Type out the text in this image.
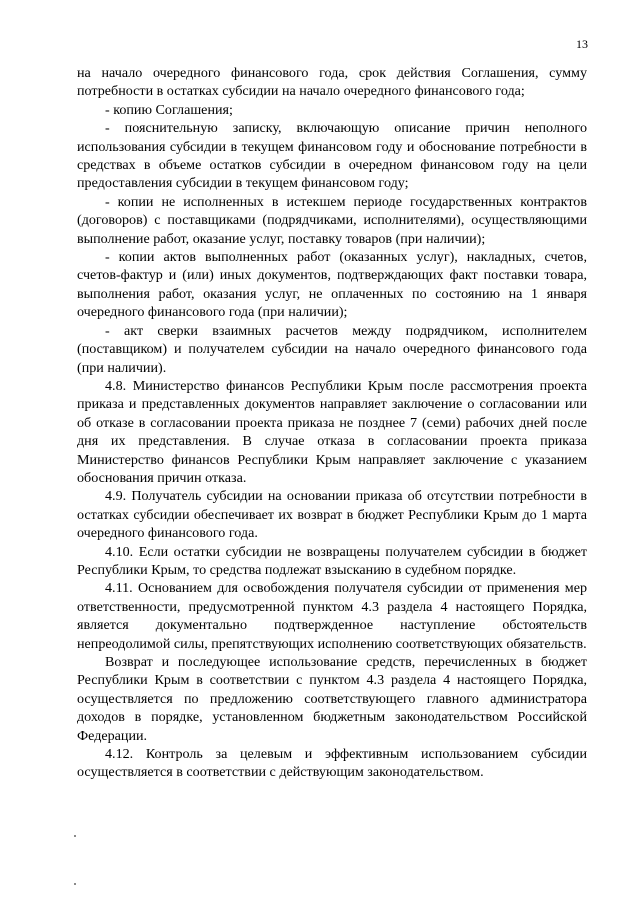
13

на начало очередного финансового года, срок действия Соглашения, сумму потребности в остатках субсидии на начало очередного финансового года;

- копию Соглашения;

- пояснительную записку, включающую описание причин неполного использования субсидии в текущем финансовом году и обоснование потребности в средствах в объеме остатков субсидии в очередном финансовом году на цели предоставления субсидии в текущем финансовом году;

- копии не исполненных в истекшем периоде государственных контрактов (договоров) с поставщиками (подрядчиками, исполнителями), осуществляющими выполнение работ, оказание услуг, поставку товаров (при наличии);

- копии актов выполненных работ (оказанных услуг), накладных, счетов, счетов-фактур и (или) иных документов, подтверждающих факт поставки товара, выполнения работ, оказания услуг, не оплаченных по состоянию на 1 января очередного финансового года (при наличии);

- акт сверки взаимных расчетов между подрядчиком, исполнителем (поставщиком) и получателем субсидии на начало очередного финансового года (при наличии).

4.8. Министерство финансов Республики Крым после рассмотрения проекта приказа и представленных документов направляет заключение о согласовании или об отказе в согласовании проекта приказа не позднее 7 (семи) рабочих дней после дня их представления. В случае отказа в согласовании проекта приказа Министерство финансов Республики Крым направляет заключение с указанием обоснования причин отказа.

4.9. Получатель субсидии на основании приказа об отсутствии потребности в остатках субсидии обеспечивает их возврат в бюджет Республики Крым до 1 марта очередного финансового года.

4.10. Если остатки субсидии не возвращены получателем субсидии в бюджет Республики Крым, то средства подлежат взысканию в судебном порядке.

4.11. Основанием для освобождения получателя субсидии от применения мер ответственности, предусмотренной пунктом 4.3 раздела 4 настоящего Порядка, является документально подтвержденное наступление обстоятельств непреодолимой силы, препятствующих исполнению соответствующих обязательств.

Возврат и последующее использование средств, перечисленных в бюджет Республики Крым в соответствии с пунктом 4.3 раздела 4 настоящего Порядка, осуществляется по предложению соответствующего главного администратора доходов в порядке, установленном бюджетным законодательством Российской Федерации.

4.12. Контроль за целевым и эффективным использованием субсидии осуществляется в соответствии с действующим законодательством.
